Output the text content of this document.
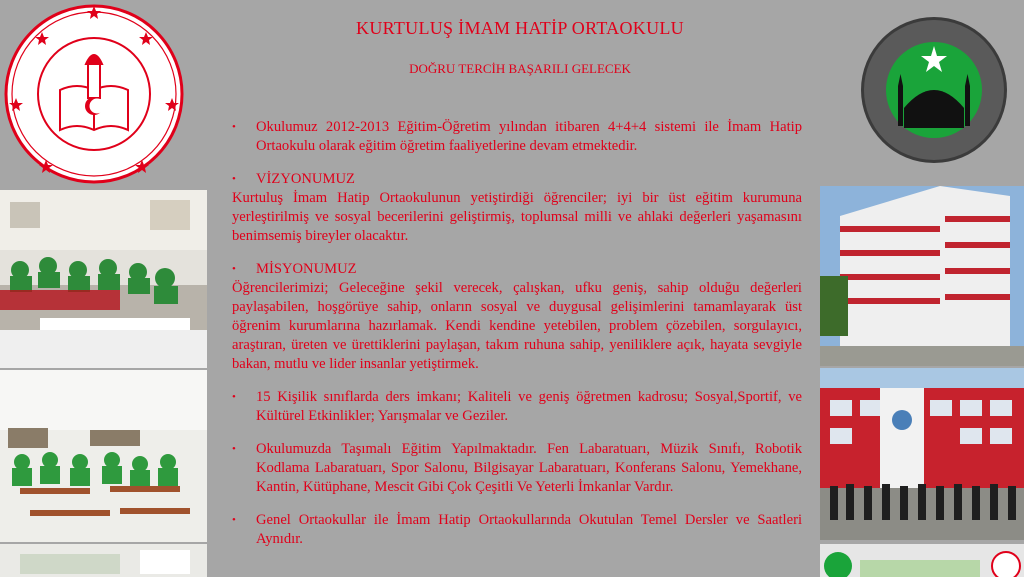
KURTULUŞ İMAM HATİP ORTAOKULU
DOĞRU TERCİH BAŞARILI GELECEK
•	Okulumuz 2012-2013 Eğitim-Öğretim yılından itibaren 4+4+4 sistemi ile İmam Hatip Ortaokulu olarak eğitim öğretim faaliyetlerine devam etmektedir.
•	VİZYONUMUZ
Kurtuluş İmam Hatip Ortaokulunun yetiştirdiği öğrenciler; iyi bir üst eğitim kurumuna yerleştirilmiş ve sosyal becerilerini geliştirmiş, toplumsal milli ve ahlaki değerleri yaşamasını benimsemiş bireyler olacaktır.
•	MİSYONUMUZ
Öğrencilerimizi; Geleceğine şekil verecek, çalışkan, ufku geniş, sahip olduğu değerleri paylaşabilen, hoşgörüye sahip, onların sosyal ve duygusal gelişimlerini tamamlayarak üst öğrenim kurumlarına hazırlamak. Kendi kendine yetebilen, problem çözebilen, sorgulayıcı, araştıran, üreten ve ürettiklerini paylaşan, takım ruhuna sahip, yeniliklere açık, hayata sevgiyle bakan, mutlu ve lider insanlar yetiştirmek.
•	15 Kişilik sınıflarda ders imkanı; Kaliteli ve geniş öğretmen kadrosu; Sosyal,Sportif, ve Kültürel Etkinlikler; Yarışmalar ve Geziler.
•	Okulumuzda Taşımalı Eğitim Yapılmaktadır. Fen Labaratuarı, Müzik Sınıfı, Robotik Kodlama Labaratuarı, Spor Salonu, Bilgisayar Labaratuarı, Konferans Salonu, Yemekhane, Kantin, Kütüphane, Mescit Gibi Çok Çeşitli Ve Yeterli İmkanlar Vardır.
•	Genel Ortaokullar ile İmam Hatip Ortaokullarında Okutulan Temel Dersler ve Saatleri Aynıdır.
